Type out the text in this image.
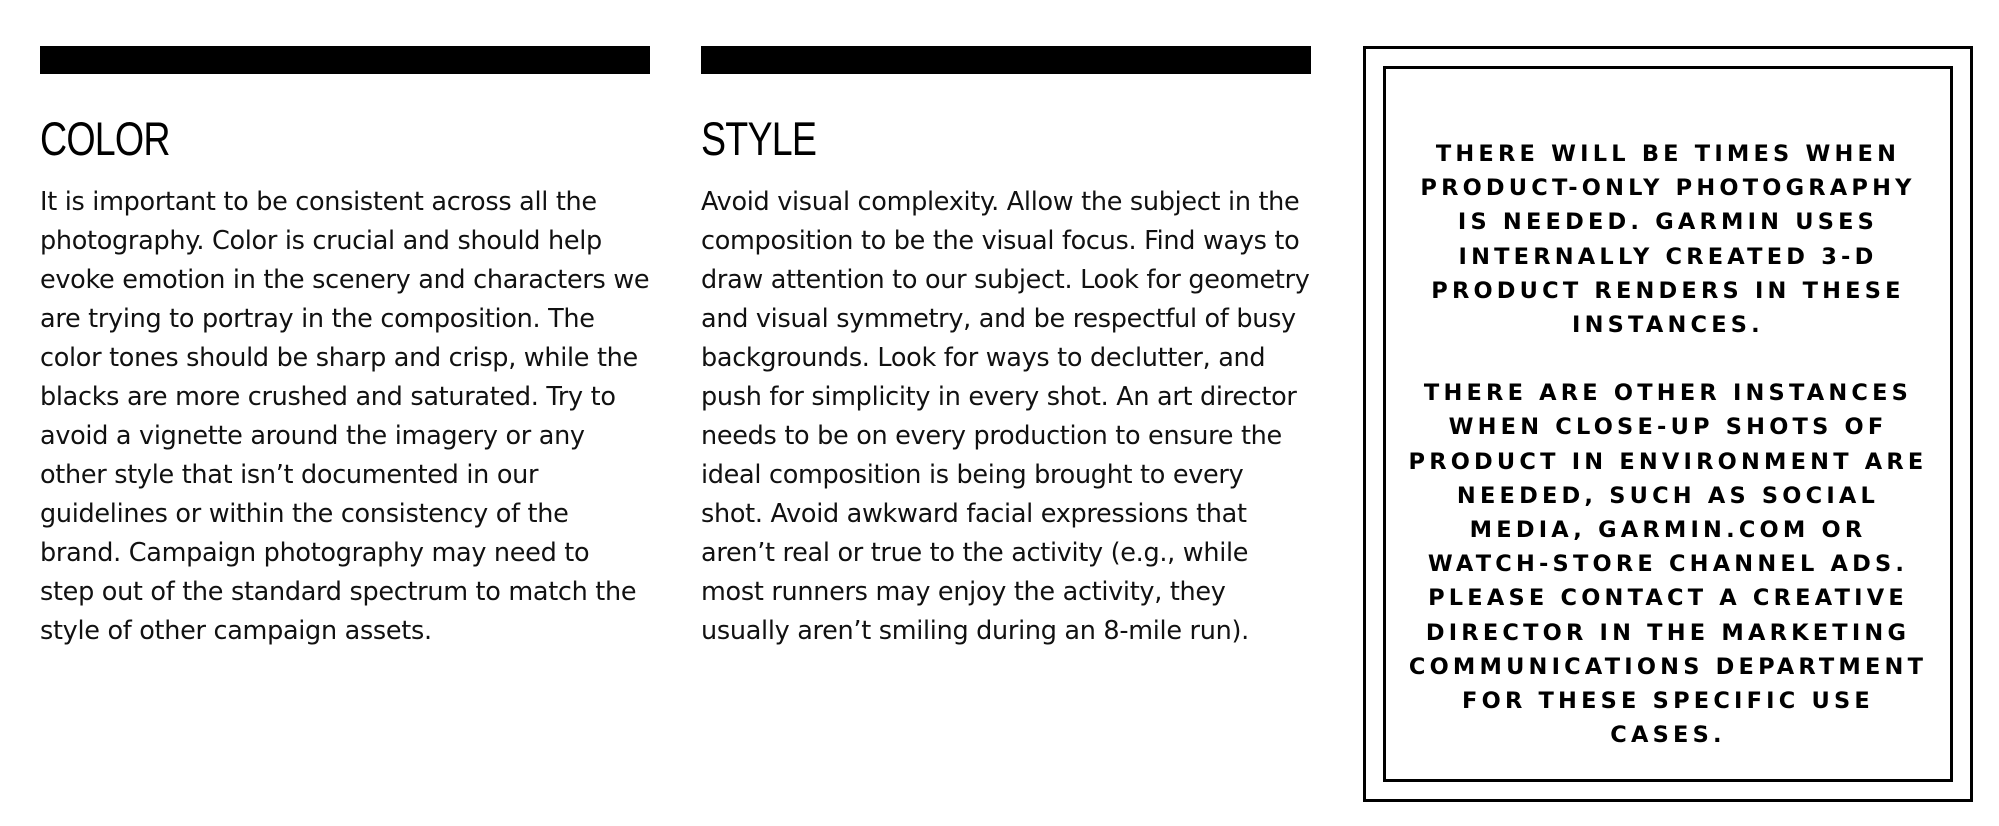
COLOR

It is important to be consistent across all the photography. Color is crucial and should help evoke emotion in the scenery and characters we are trying to portray in the composition. The color tones should be sharp and crisp, while the blacks are more crushed and saturated. Try to avoid a vignette around the imagery or any other style that isn’t documented in our guidelines or within the consistency of the brand. Campaign photography may need to step out of the standard spectrum to match the style of other campaign assets.

STYLE

Avoid visual complexity. Allow the subject in the composition to be the visual focus. Find ways to draw attention to our subject. Look for geometry and visual symmetry, and be respectful of busy backgrounds. Look for ways to declutter, and push for simplicity in every shot. An art director needs to be on every production to ensure the ideal composition is being brought to every shot. Avoid awkward facial expressions that aren’t real or true to the activity (e.g., while most runners may enjoy the activity, they usually aren’t smiling during an 8-mile run).

THERE WILL BE TIMES WHEN PRODUCT-ONLY PHOTOGRAPHY IS NEEDED. GARMIN USES INTERNALLY CREATED 3-D PRODUCT RENDERS IN THESE INSTANCES.

THERE ARE OTHER INSTANCES WHEN CLOSE-UP SHOTS OF PRODUCT IN ENVIRONMENT ARE NEEDED, SUCH AS SOCIAL MEDIA, GARMIN.COM OR WATCH-STORE CHANNEL ADS. PLEASE CONTACT A CREATIVE DIRECTOR IN THE MARKETING COMMUNICATIONS DEPARTMENT FOR THESE SPECIFIC USE CASES.
